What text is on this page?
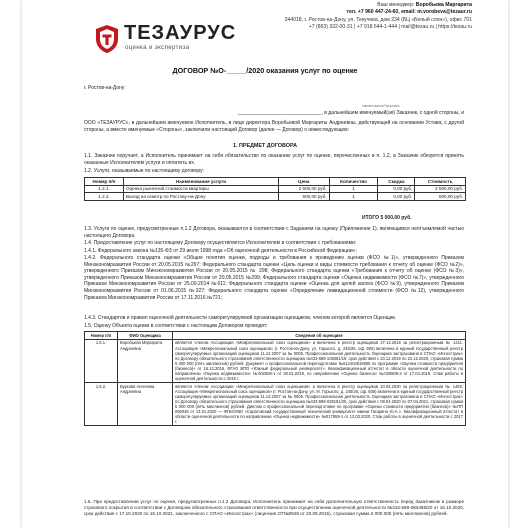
ТЕЗАУРУС
оценка и экспертиза
Ваш менеджер: Воробьева Маргарита
тел. +7 960 447-24-60, email: m.vorobeva@tezaur.ru
344018, г. Ростов-на-Дону, ул. Текучева, дом 234 (БЦ «Белый слон»), офис 701
+7 (863) 332-00-31 | +7 918 644-1-444 | mail@tezau.ru | https://tezau.ru
ДОГОВОР №О-_____/2020 оказания услуг по оценке
г. Ростов-на-Дону
наименование/Заказчика
______________________________, в дальнейшем именуемый(ая) Заказчик, с одной стороны, и
ООО «ТЕЗАУРУС», в дальнейшем именуемое Исполнитель, в лице директора Воробьевой Маргариты Андреевны, действующей на основании Устава, с другой стороны, а вместе именуемые «Стороны», заключили настоящий Договор (далее — Договор) о нижеследующем:
1. ПРЕДМЕТ ДОГОВОРА
1.1. Заказчик поручает, а Исполнитель принимает на себя обязательство по оказанию услуг по оценке, перечисленных в п. 1.2, а Заказчик обязуется принять оказанные Исполнителем услуги и оплатить их.
1.2. Услуги, оказываемые по настоящему договору:
Номер п/п	Наименование услуги	Цена	Количество	Скидка	Стоимость
1.2.1.	Оценка рыночной стоимости квартиры	2 500,00 руб.	1	0,00 руб.	2 500,00 руб.
1.2.2.	Выезд на осмотр по Ростову-на-Дону	500,00 руб.	1	0,00 руб.	500,00 руб.
ИТОГО 5 000,00 руб.
1.3. Услуги по оценке, предусмотренные п.1.2 Договора, оказываются в соответствии с Заданием на оценку (Приложение 1), являющимся неотъемлемой частью настоящего Договора.
1.4. Предоставление услуг по настоящему Договору осуществляется Исполнителем в соответствии с требованиями:
1.4.1. Федерального закона №135-ФЗ от 29 июля 1998 года «Об оценочной деятельности в Российской Федерации»;
1.4.2. Федерального стандарта оценки «Общие понятия оценки, подходы и требования к проведению оценки (ФСО №1)», утвержденного Приказом Минэкономразвития России от 20.05.2015 №297; Федерального стандарта оценки «Цель оценки и виды стоимости требования к отчету об оценке (ФСО №2)», утвержденного Приказом Минэкономразвития России от 20.05.2015 № 298; Федерального стандарта оценки «Требования к отчету об оценке (ФСО №3)», утвержденного Приказом Минэкономразвития России от 20.05.2015 №299; Федерального стандарта оценки «Оценка недвижимости (ФСО №7)», утвержденного Приказом Минэкономразвития России от 25.09.2014 №611; Федерального стандарта оценки «Оценка для целей залога (ФСО №9), утвержденного Приказом Минэкономразвития России от 01.06.2015 №327; Федерального стандарта оценки «Определение ликвидационной стоимости (ФСО №12), утвержденного Приказом Минэкономразвития России от 17.11.2016 №721;
1.4.3. Стандартов и правил оценочной деятельности саморегулируемой организации оценщиков, членом которой является Оценщик.
1.5. Оценку Объекта оценки в соответствии с настоящим Договором проводят:
Номер п/п	ФИО Оценщика	Сведения об оценщике
1.5.1.	Воробьева Маргарита Андреевна	является членом Ассоциации «Межрегиональный союз оценщиков» и включена в реестр оценщиков 27.12.2016 за регистрационным № 1411. Ассоциация «Межрегиональный союз оценщиков» (г. Ростов-на-Дону, ул. Горького, д. 245/26, оф. 606) включена в единый государственный реестр саморегулируемых организаций оценщиков 11.12.2007 за № 0005. Профессиональная деятельность Оценщика застрахована в СПАО «Ингосстрах» по Договору обязательного страхования ответственности оценщика №433-589-105081/19, срок действия с 23.12.2019 по 22.12.2020, страховая сумма 5 000 000 (пять миллионов) рублей. Документ о профессиональной переподготовке №612404518858 по программе «Оценка стоимости предприятия (бизнеса)» от 16.12.2016, ФГАО ВПО «Южный федеральный университет». Квалификационный аттестат в области оценочной деятельности по направлению «Оценка недвижимости» №002569-1 от 30.01.2018, по направлению «Оценка бизнеса» №020609-3 от 17.04.2018. Стаж работы в оценочной деятельности с 2015 г.
1.5.2.	Буркова Ангелина Андреевна	является членом Ассоциации «Межрегиональный союз оценщиков» и включена в реестр оценщиков 10.04.2020 за регистрационным № 1483. Ассоциация «Межрегиональный союз оценщиков» (г. Ростов-на-Дону, ул. М. Горького, д. 245/26, оф. 606) включена в единый государственный реестр саморегулируемых организаций оценщиков 11.12.2007 за № 0005. Профессиональная деятельность Оценщика застрахована в СПАО «Ингосстрах» по Договору обязательного страхования ответственности оценщика №433-589-028191/20, срок действия с 08.04.2020 по 07.04.2021, страховая сумма 5 000 000 (пять миллионов) рублей. Диплом о профессиональной переподготовке по программе «Оценка стоимости предприятия (бизнеса)» №ПП 006048 от 13.01.2020 — ФГБОУВО «Саратовский государственный технический университет имени Гагарина Ю.А.». Квалификационный аттестат в области оценочной деятельности по направлению «Оценка недвижимости» №017959-1 от 13.03.2020. Стаж работы в оценочной деятельности с 2017 г.
1.6. При предоставлении услуг по оценке, предусмотренных п.1.2 Договора, Исполнитель принимает на себя дополнительную ответственность перед Заказчиком в размере страхового покрытия в соответствии с Договором обязательного страхования ответственности при осуществлении оценочной деятельности №433-589-083488/20 от 16.10.2020, срок действия с 17.10.2020 по 16.10.2021, заключенного с СПАО «Ингосстрах» (лицензия ОТ№0928 от 23.09.2015), страховая сумма 5 000 000 (пять миллионов) рублей.
